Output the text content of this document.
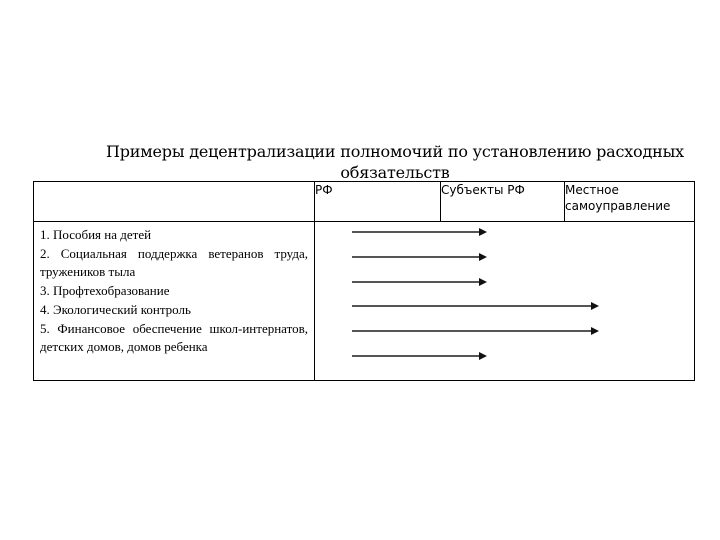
Примеры децентрализации полномочий по установлению расходных обязательств
	РФ	Субъекты РФ	Местное самоуправление

1. Пособия на детей
2. Социальная поддержка ветеранов труда, тружеников тыла
3. Профтехобразование
4. Экологический контроль
5. Финансовое обеспечение школ-интернатов, детских домов, домов ребенка
